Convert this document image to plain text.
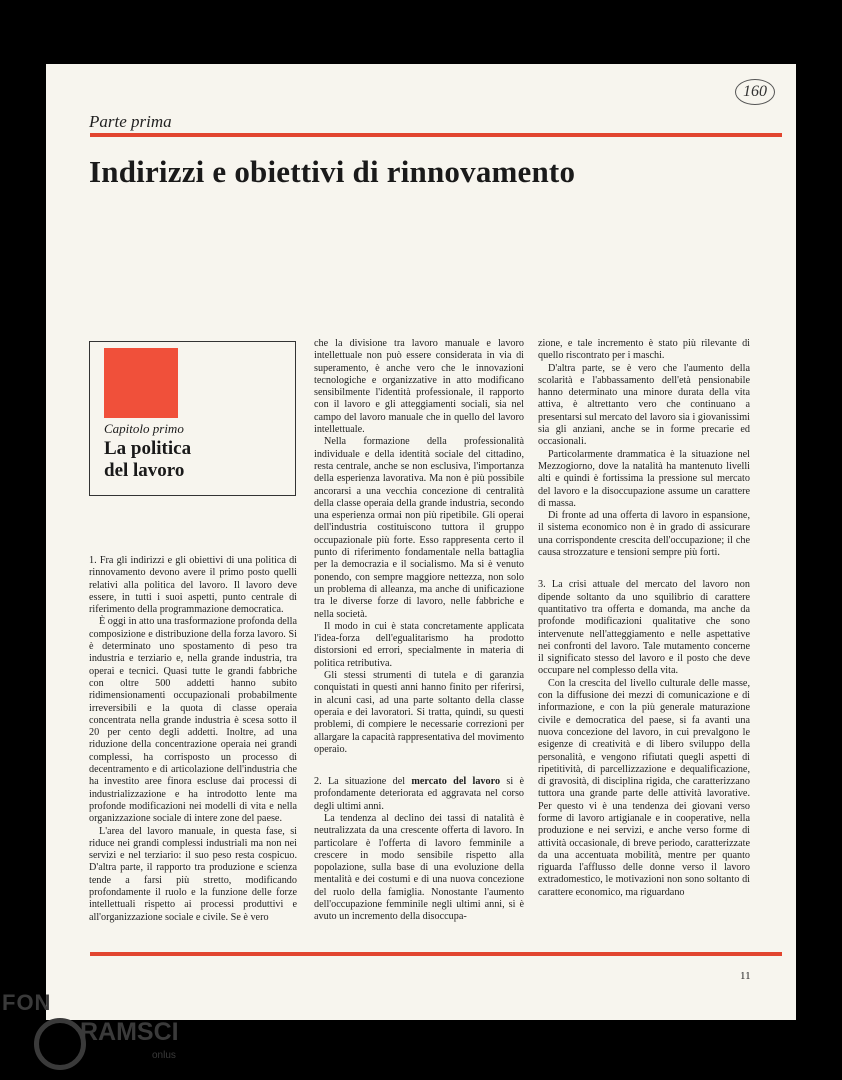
160
Parte prima
Indirizzi e obiettivi di rinnovamento
Capitolo primo
La politica
del lavoro

1. Fra gli indirizzi e gli obiettivi di una politica di rinnovamento devono avere il primo posto quelli relativi alla politica del lavoro. Il lavoro deve essere, in tutti i suoi aspetti, punto centrale di riferimento della programmazione democratica.

È oggi in atto una trasformazione profonda della composizione e distribuzione della forza lavoro. Si è determinato uno spostamento di peso tra industria e terziario e, nella grande industria, tra operai e tecnici. Quasi tutte le grandi fabbriche con oltre 500 addetti hanno subito ridimensionamenti occupazionali probabilmente irreversibili e la quota di classe operaia concentrata nella grande industria è scesa sotto il 20 per cento degli addetti. Inoltre, ad una riduzione della concentrazione operaia nei grandi complessi, ha corrisposto un processo di decentramento e di articolazione dell'industria che ha investito aree finora escluse dai processi di industrializzazione e ha introdotto lente ma profonde modificazioni nei modelli di vita e nella organizzazione sociale di intere zone del paese.

L'area del lavoro manuale, in questa fase, si riduce nei grandi complessi industriali ma non nei servizi e nel terziario: il suo peso resta cospicuo. D'altra parte, il rapporto tra produzione e scienza tende a farsi più stretto, modificando profondamente il ruolo e la funzione delle forze intellettuali rispetto ai processi produttivi e all'organizzazione sociale e civile. Se è vero

che la divisione tra lavoro manuale e lavoro intellettuale non può essere considerata in via di superamento, è anche vero che le innovazioni tecnologiche e organizzative in atto modificano sensibilmente l'identità professionale, il rapporto con il lavoro e gli atteggiamenti sociali, sia nel campo del lavoro manuale che in quello del lavoro intellettuale.

Nella formazione della professionalità individuale e della identità sociale del cittadino, resta centrale, anche se non esclusiva, l'importanza della esperienza lavorativa. Ma non è più possibile ancorarsi a una vecchia concezione di centralità della classe operaia della grande industria, secondo una esperienza ormai non più ripetibile. Gli operai dell'industria costituiscono tuttora il gruppo occupazionale più forte. Esso rappresenta certo il punto di riferimento fondamentale nella battaglia per la democrazia e il socialismo. Ma si è venuto ponendo, con sempre maggiore nettezza, non solo un problema di alleanza, ma anche di unificazione tra le diverse forze di lavoro, nelle fabbriche e nella società.

Il modo in cui è stata concretamente applicata l'idea-forza dell'egualitarismo ha prodotto distorsioni ed errori, specialmente in materia di politica retributiva.

Gli stessi strumenti di tutela e di garanzia conquistati in questi anni hanno finito per riferirsi, in alcuni casi, ad una parte soltanto della classe operaia e dei lavoratori. Si tratta, quindi, su questi problemi, di compiere le necessarie correzioni per allargare la capacità rappresentativa del movimento operaio.

2. La situazione del mercato del lavoro si è profondamente deteriorata ed aggravata nel corso degli ultimi anni.

La tendenza al declino dei tassi di natalità è neutralizzata da una crescente offerta di lavoro. In particolare è l'offerta di lavoro femminile a crescere in modo sensibile rispetto alla popolazione, sulla base di una evoluzione della mentalità e dei costumi e di una nuova concezione del ruolo della famiglia. Nonostante l'aumento dell'occupazione femminile negli ultimi anni, si è avuto un incremento della disoccupa-

zione, e tale incremento è stato più rilevante di quello riscontrato per i maschi.

D'altra parte, se è vero che l'aumento della scolarità e l'abbassamento dell'età pensionabile hanno determinato una minore durata della vita attiva, è altrettanto vero che continuano a presentarsi sul mercato del lavoro sia i giovanissimi sia gli anziani, anche se in forme precarie ed occasionali.

Particolarmente drammatica è la situazione nel Mezzogiorno, dove la natalità ha mantenuto livelli alti e quindi è fortissima la pressione sul mercato del lavoro e la disoccupazione assume un carattere di massa.

Di fronte ad una offerta di lavoro in espansione, il sistema economico non è in grado di assicurare una corrispondente crescita dell'occupazione; il che causa strozzature e tensioni sempre più forti.

3. La crisi attuale del mercato del lavoro non dipende soltanto da uno squilibrio di carattere quantitativo tra offerta e domanda, ma anche da profonde modificazioni qualitative che sono intervenute nell'atteggiamento e nelle aspettative nei confronti del lavoro. Tale mutamento concerne il significato stesso del lavoro e il posto che deve occupare nel complesso della vita.

Con la crescita del livello culturale delle masse, con la diffusione dei mezzi di comunicazione e di informazione, e con la più generale maturazione civile e democratica del paese, si fa avanti una nuova concezione del lavoro, in cui prevalgono le esigenze di creatività e di libero sviluppo della personalità, e vengono rifiutati quegli aspetti di ripetitività, di parcellizzazione e dequalificazione, di gravosità, di disciplina rigida, che caratterizzano tuttora una grande parte delle attività lavorative. Per questo vi è una tendenza dei giovani verso forme di lavoro artigianale e in cooperative, nella produzione e nei servizi, e anche verso forme di attività occasionale, di breve periodo, caratterizzate da una accentuata mobilità, mentre per quanto riguarda l'afflusso delle donne verso il lavoro extradomestico, le motivazioni non sono soltanto di carattere economico, ma riguardano

11
FON
RAMSCI
onlus
